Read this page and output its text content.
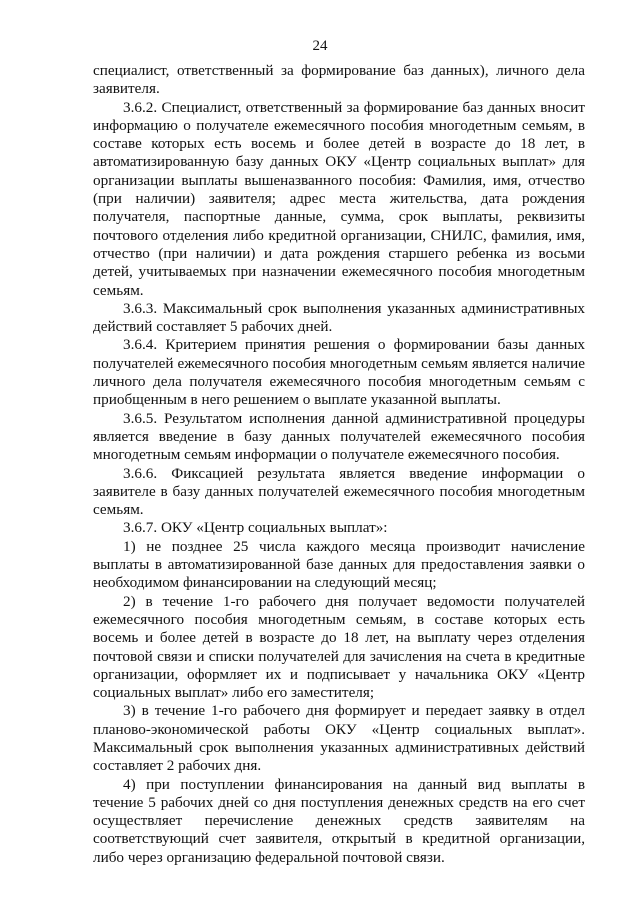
24

специалист, ответственный за формирование баз данных), личного дела заявителя.

3.6.2. Специалист, ответственный за формирование баз данных вносит информацию о получателе ежемесячного пособия многодетным семьям, в составе которых есть восемь и более детей в возрасте до 18 лет, в автоматизированную базу данных ОКУ «Центр социальных выплат» для организации выплаты вышеназванного пособия: Фамилия, имя, отчество (при наличии) заявителя; адрес места жительства, дата рождения получателя, паспортные данные, сумма, срок выплаты, реквизиты почтового отделения либо кредитной организации, СНИЛС, фамилия, имя, отчество (при наличии) и дата рождения старшего ребенка из восьми детей, учитываемых при назначении ежемесячного пособия многодетным семьям.

3.6.3. Максимальный срок выполнения указанных административных действий составляет 5 рабочих дней.

3.6.4. Критерием принятия решения о формировании базы данных получателей ежемесячного пособия многодетным семьям является наличие личного дела получателя ежемесячного пособия многодетным семьям с приобщенным в него решением о выплате указанной выплаты.

3.6.5. Результатом исполнения данной административной процедуры является введение в базу данных получателей ежемесячного пособия многодетным семьям информации о получателе ежемесячного пособия.

3.6.6. Фиксацией результата является введение информации о заявителе в базу данных получателей ежемесячного пособия многодетным семьям.

3.6.7. ОКУ «Центр социальных выплат»:

1) не позднее 25 числа каждого месяца производит начисление выплаты в автоматизированной базе данных для предоставления заявки о необходимом финансировании на следующий месяц;

2) в течение 1-го рабочего дня получает ведомости получателей ежемесячного пособия многодетным семьям, в составе которых есть восемь и более детей в возрасте до 18 лет, на выплату через отделения почтовой связи и списки получателей для зачисления на счета в кредитные организации, оформляет их и подписывает у начальника ОКУ «Центр социальных выплат» либо его заместителя;

3) в течение 1-го рабочего дня формирует и передает заявку в отдел планово-экономической работы ОКУ «Центр социальных выплат». Максимальный срок выполнения указанных административных действий составляет 2 рабочих дня.

4) при поступлении финансирования на данный вид выплаты в течение 5 рабочих дней со дня поступления денежных средств на его счет осуществляет перечисление денежных средств заявителям на соответствующий счет заявителя, открытый в кредитной организации, либо через организацию федеральной почтовой связи.
